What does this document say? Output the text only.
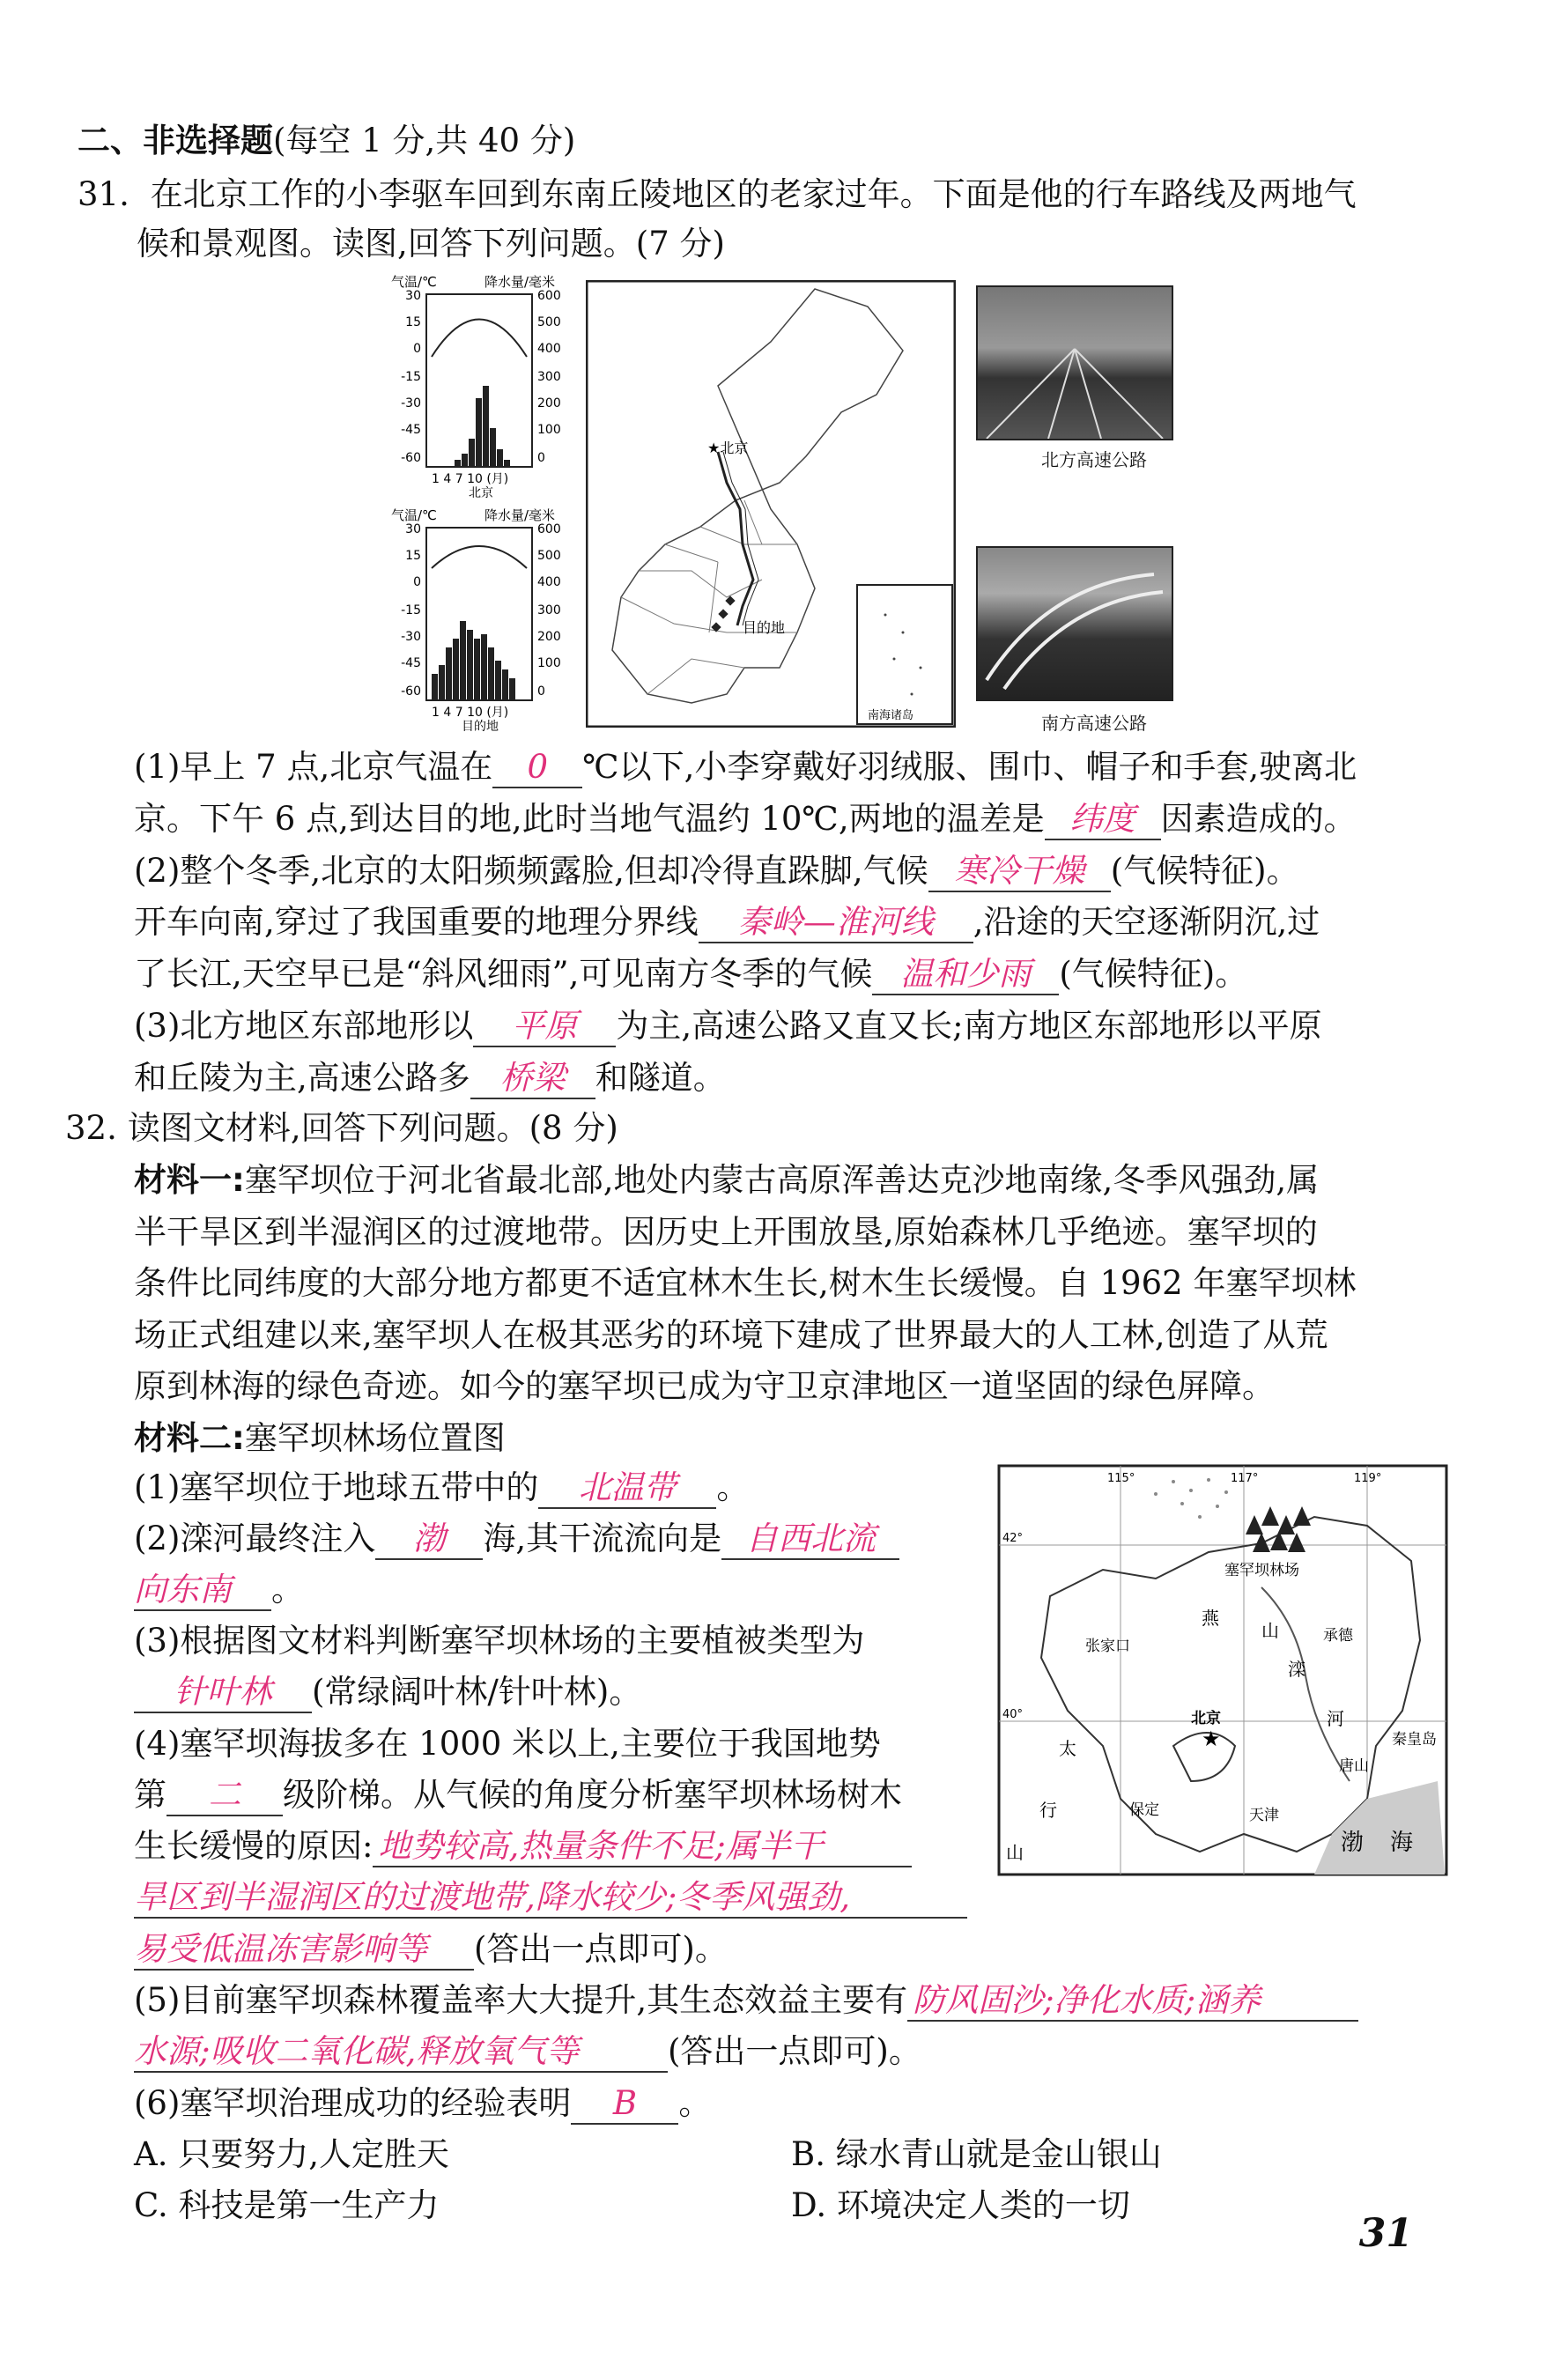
二、非选择题(每空 1 分,共 40 分)
31. 在北京工作的小李驱车回到东南丘陵地区的老家过年。下面是他的行车路线及两地气
候和景观图。读图,回答下列问题。(7 分)
气温/℃	降水量/毫米
30
15
0
-15
-30
-45
-60
600
500
400
300
200
100
0
1 4 7 10 (月)
北京
气温/℃	降水量/毫米
30
15
0
-15
-30
-45
-60
600
500
400
300
200
100
0
1 4 7 10 (月)
目的地
★北京
目的地
南海诸岛
北方高速公路
南方高速公路
(1)早上 7 点,北京气温在 0 ℃以下,小李穿戴好羽绒服、围巾、帽子和手套,驶离北
京。下午 6 点,到达目的地,此时当地气温约 10℃,两地的温差是 纬度 因素造成的。
(2)整个冬季,北京的太阳频频露脸,但却冷得直跺脚,气候 寒冷干燥 (气候特征)。
开车向南,穿过了我国重要的地理分界线 秦岭—淮河线 ,沿途的天空逐渐阴沉,过
了长江,天空早已是“斜风细雨”,可见南方冬季的气候 温和少雨 (气候特征)。
(3)北方地区东部地形以 平原 为主,高速公路又直又长;南方地区东部地形以平原
和丘陵为主,高速公路多 桥梁 和隧道。
32. 读图文材料,回答下列问题。(8 分)
材料一:塞罕坝位于河北省最北部,地处内蒙古高原浑善达克沙地南缘,冬季风强劲,属
半干旱区到半湿润区的过渡地带。因历史上开围放垦,原始森林几乎绝迹。塞罕坝的
条件比同纬度的大部分地方都更不适宜林木生长,树木生长缓慢。自 1962 年塞罕坝林
场正式组建以来,塞罕坝人在极其恶劣的环境下建成了世界最大的人工林,创造了从荒
原到林海的绿色奇迹。如今的塞罕坝已成为守卫京津地区一道坚固的绿色屏障。
材料二:塞罕坝林场位置图
115°	117°	119°
42°
40°
塞罕坝林场
张家口
燕
山	承德
滦
河
北京
秦皇岛
唐山
保定	天津
太
行
山	渤 海
★
(1)塞罕坝位于地球五带中的 北温带 。
(2)滦河最终注入 渤 海,其干流流向是 自西北流
向东南 。
(3)根据图文材料判断塞罕坝林场的主要植被类型为
针叶林 (常绿阔叶林/针叶林)。
(4)塞罕坝海拔多在 1000 米以上,主要位于我国地势
第 二 级阶梯。从气候的角度分析塞罕坝林场树木
生长缓慢的原因: 地势较高,热量条件不足;属半干
旱区到半湿润区的过渡地带,降水较少;冬季风强劲,
易受低温冻害影响等 (答出一点即可)。
(5)目前塞罕坝森林覆盖率大大提升,其生态效益主要有 防风固沙;净化水质;涵养
水源;吸收二氧化碳,释放氧气等	(答出一点即可)。
(6)塞罕坝治理成功的经验表明 B 。
A. 只要努力,人定胜天	B. 绿水青山就是金山银山
C. 科技是第一生产力	D. 环境决定人类的一切
31
